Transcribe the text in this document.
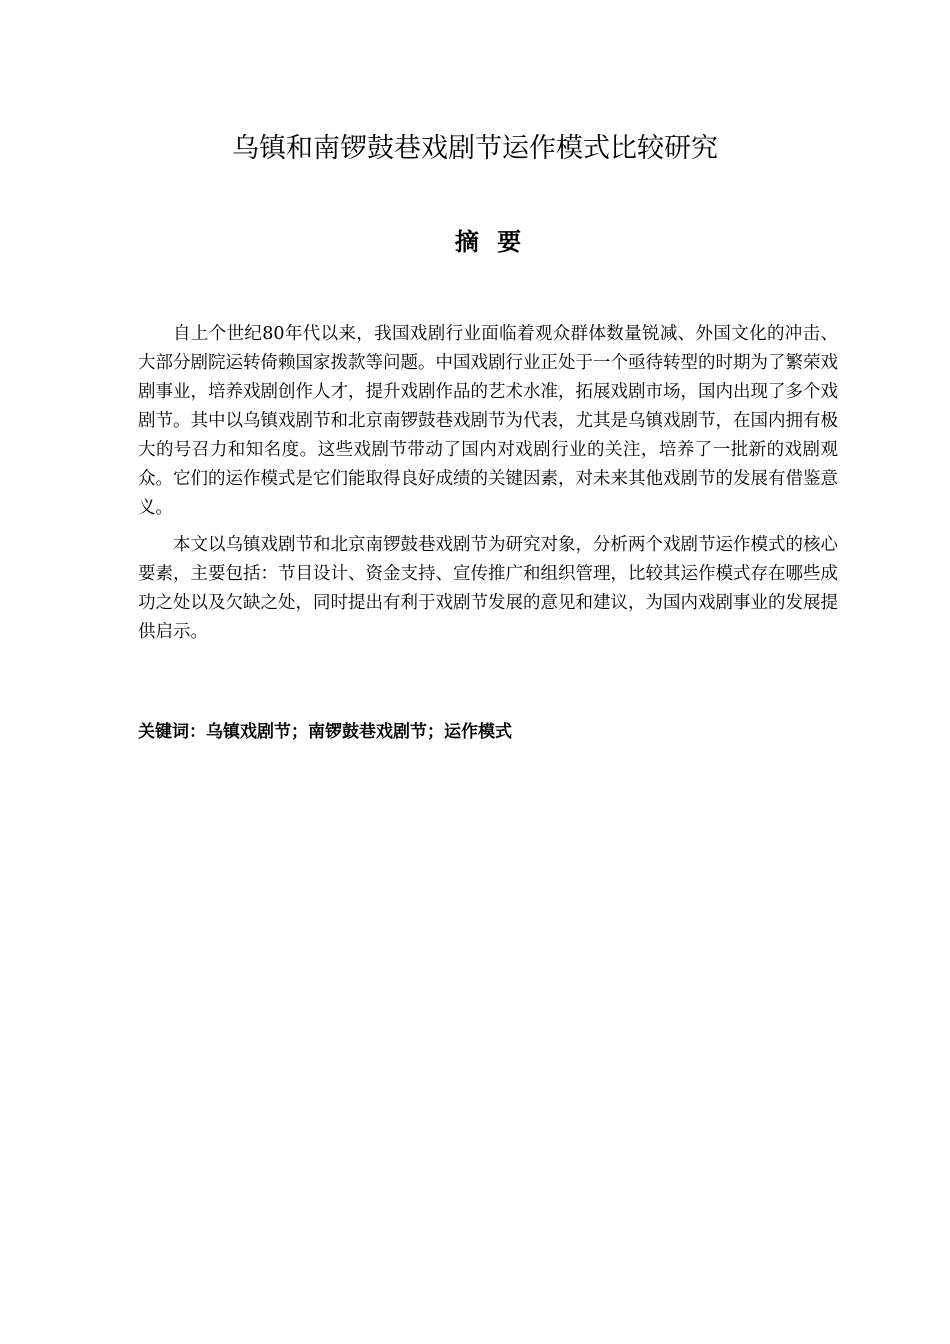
乌镇和南锣鼓巷戏剧节运作模式比较研究
摘 要

自上个世纪80年代以来，我国戏剧行业面临着观众群体数量锐减、外国文化的冲击、大部分剧院运转倚赖国家拨款等问题。中国戏剧行业正处于一个亟待转型的时期为了繁荣戏剧事业，培养戏剧创作人才，提升戏剧作品的艺术水准，拓展戏剧市场，国内出现了多个戏剧节。其中以乌镇戏剧节和北京南锣鼓巷戏剧节为代表，尤其是乌镇戏剧节，在国内拥有极大的号召力和知名度。这些戏剧节带动了国内对戏剧行业的关注，培养了一批新的戏剧观众。它们的运作模式是它们能取得良好成绩的关键因素，对未来其他戏剧节的发展有借鉴意义。

本文以乌镇戏剧节和北京南锣鼓巷戏剧节为研究对象，分析两个戏剧节运作模式的核心要素，主要包括：节目设计、资金支持、宣传推广和组织管理，比较其运作模式存在哪些成功之处以及欠缺之处，同时提出有利于戏剧节发展的意见和建议，为国内戏剧事业的发展提供启示。

关键词：乌镇戏剧节；南锣鼓巷戏剧节；运作模式
